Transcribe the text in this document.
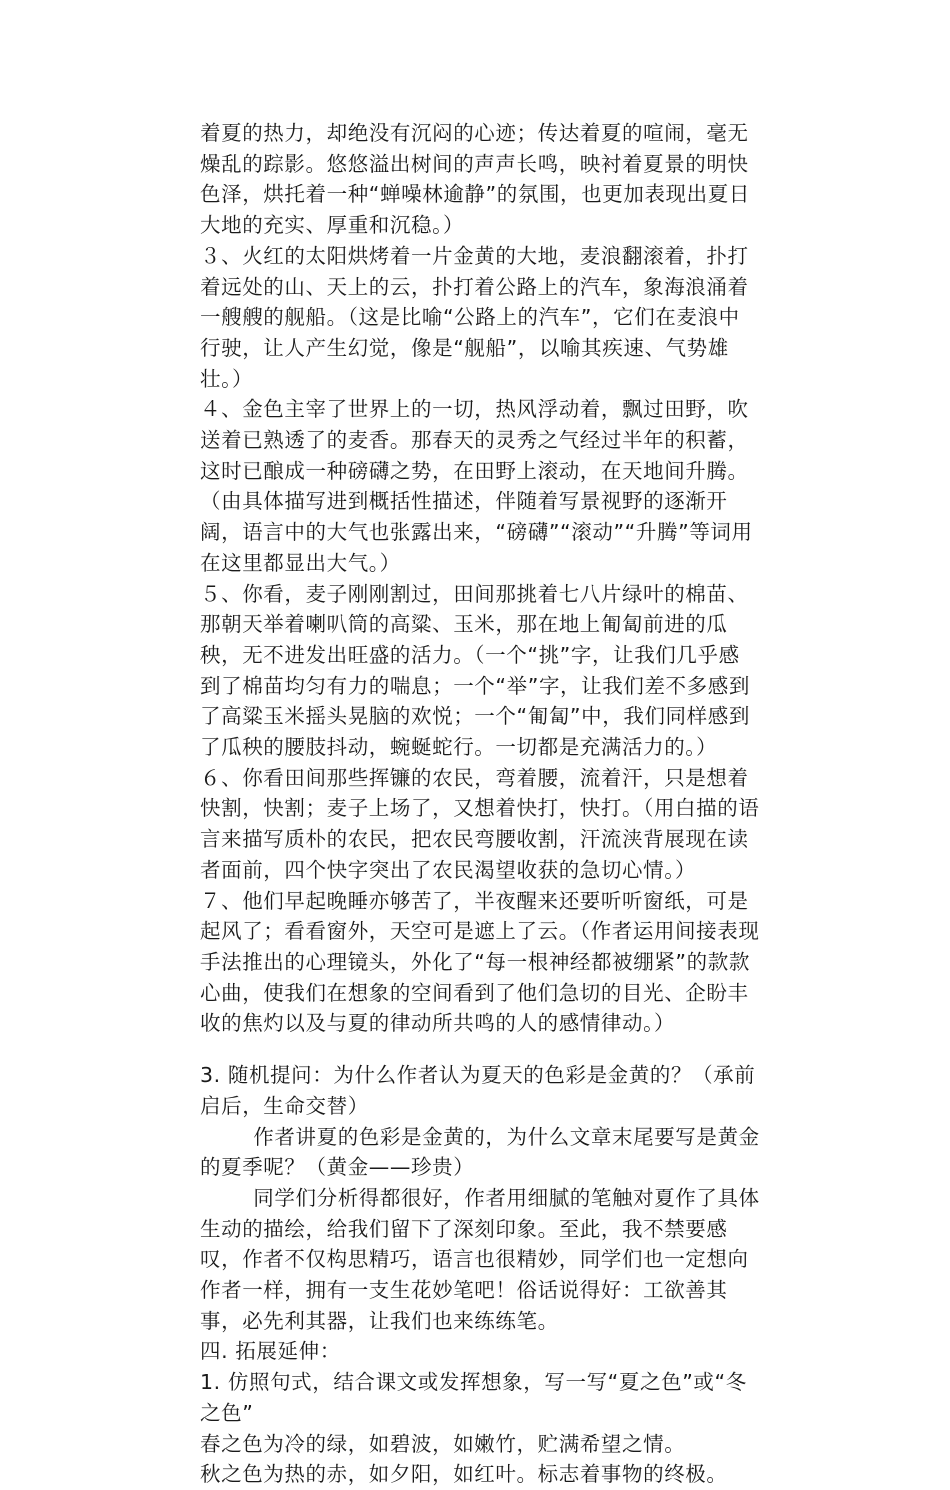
着夏的热力，却绝没有沉闷的心迹；传达着夏的喧闹，毫无燥乱的踪影。悠悠溢出树间的声声长鸣，映衬着夏景的明快色泽，烘托着一种“蝉噪林逾静”的氛围，也更加表现出夏日大地的充实、厚重和沉稳。）

３、火红的太阳烘烤着一片金黄的大地，麦浪翻滚着，扑打着远处的山、天上的云，扑打着公路上的汽车，象海浪涌着一艘艘的舰船。（这是比喻“公路上的汽车”，它们在麦浪中行驶，让人产生幻觉，像是“舰船”，以喻其疾速、气势雄壮。）

４、金色主宰了世界上的一切，热风浮动着，飘过田野，吹送着已熟透了的麦香。那春天的灵秀之气经过半年的积蓄，这时已酿成一种磅礴之势，在田野上滚动，在天地间升腾。（由具体描写进到概括性描述，伴随着写景视野的逐渐开阔，语言中的大气也张露出来，“磅礴”“滚动”“升腾”等词用在这里都显出大气。）

５、你看，麦子刚刚割过，田间那挑着七八片绿叶的棉苗、那朝天举着喇叭筒的高粱、玉米，那在地上匍匐前进的瓜秧，无不进发出旺盛的活力。（一个“挑”字，让我们几乎感到了棉苗均匀有力的喘息；一个“举”字，让我们差不多感到了高粱玉米摇头晃脑的欢悦；一个“匍匐”中，我们同样感到了瓜秧的腰肢抖动，蜿蜒蛇行。一切都是充满活力的。）

６、你看田间那些挥镰的农民，弯着腰，流着汗，只是想着快割，快割；麦子上场了，又想着快打，快打。（用白描的语言来描写质朴的农民，把农民弯腰收割，汗流浃背展现在读者面前，四个快字突出了农民渴望收获的急切心情。）

７、他们早起晚睡亦够苦了，半夜醒来还要听听窗纸，可是起风了；看看窗外，天空可是遮上了云。（作者运用间接表现手法推出的心理镜头，外化了“每一根神经都被绷紧”的款款心曲，使我们在想象的空间看到了他们急切的目光、企盼丰收的焦灼以及与夏的律动所共鸣的人的感情律动。）

3. 随机提问：为什么作者认为夏天的色彩是金黄的？（承前启后，生命交替）

作者讲夏的色彩是金黄的，为什么文章末尾要写是黄金的夏季呢？（黄金——珍贵）

同学们分析得都很好，作者用细腻的笔触对夏作了具体生动的描绘，给我们留下了深刻印象。至此，我不禁要感叹，作者不仅构思精巧，语言也很精妙，同学们也一定想向作者一样，拥有一支生花妙笔吧！俗话说得好：工欲善其事，必先利其器，让我们也来练练笔。

四. 拓展延伸：

1. 仿照句式，结合课文或发挥想象，写一写“夏之色”或“冬之色”

春之色为冷的绿，如碧波，如嫩竹，贮满希望之情。

秋之色为热的赤，如夕阳，如红叶。标志着事物的终极。
